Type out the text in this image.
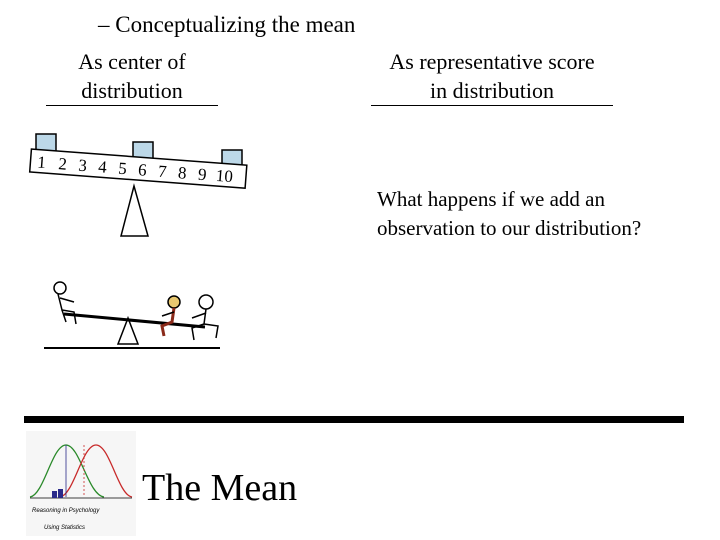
– Conceptualizing the mean
As center of
distribution
As representative score
in distribution
1 2 3 4 5 6 7 8 9 10
What happens if we add an observation to our distribution?
Reasoning in Psychology
Using Statistics
The Mean
